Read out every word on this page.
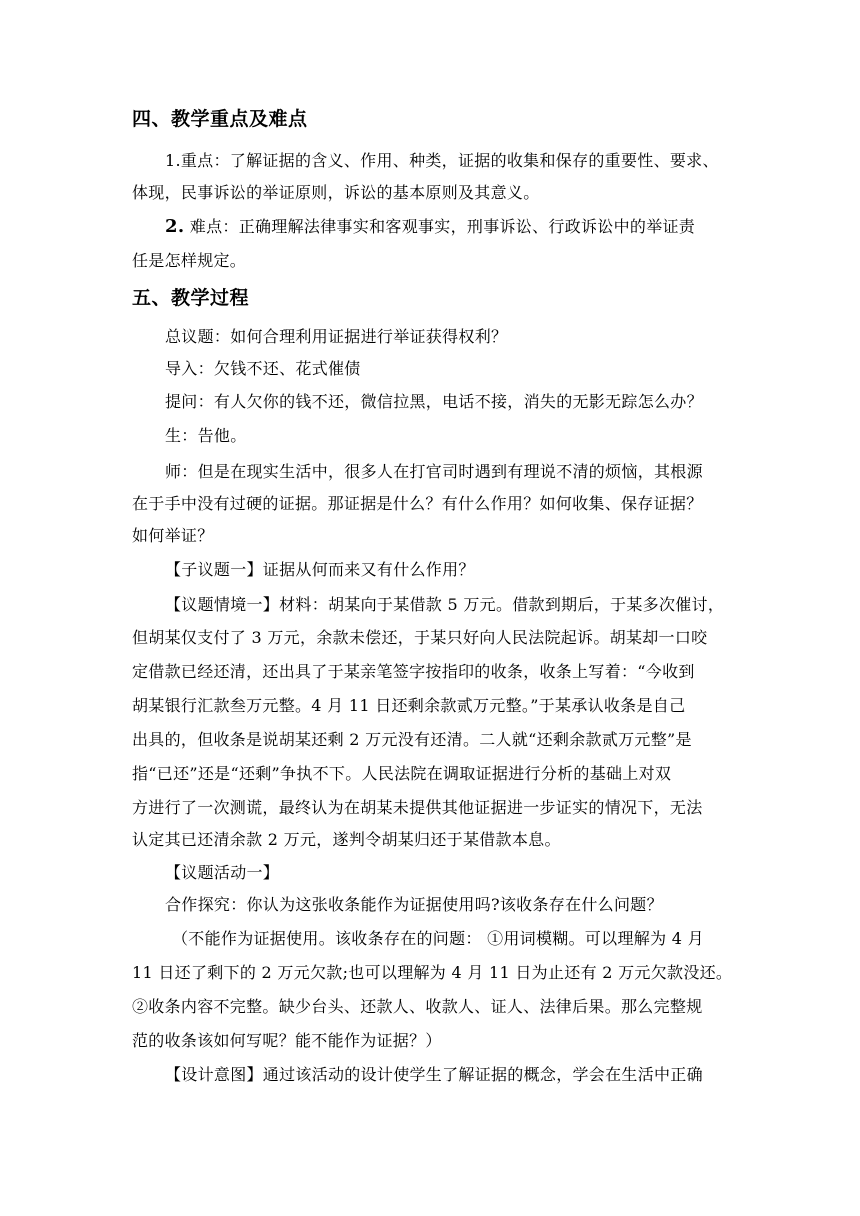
四、教学重点及难点
1.重点：了解证据的含义、作用、种类，证据的收集和保存的重要性、要求、
体现，民事诉讼的举证原则，诉讼的基本原则及其意义。
2. 难点：正确理解法律事实和客观事实，刑事诉讼、行政诉讼中的举证责
任是怎样规定。
五、教学过程
总议题：如何合理利用证据进行举证获得权利？
导入：欠钱不还、花式催债
提问：有人欠你的钱不还，微信拉黑，电话不接，消失的无影无踪怎么办？
生：告他。
师：但是在现实生活中，很多人在打官司时遇到有理说不清的烦恼，其根源
在于手中没有过硬的证据。那证据是什么？有什么作用？如何收集、保存证据？
如何举证？
【子议题一】证据从何而来又有什么作用？
【议题情境一】材料：胡某向于某借款 5 万元。借款到期后，于某多次催讨，
但胡某仅支付了 3 万元，余款未偿还，于某只好向人民法院起诉。胡某却一口咬
定借款已经还清，还出具了于某亲笔签字按指印的收条，收条上写着：“今收到
胡某银行汇款叁万元整。4 月 11 日还剩余款贰万元整。”于某承认收条是自己
出具的，但收条是说胡某还剩 2 万元没有还清。二人就“还剩余款贰万元整”是
指“已还”还是“还剩”争执不下。人民法院在调取证据进行分析的基础上对双
方进行了一次测谎，最终认为在胡某未提供其他证据进一步证实的情况下，无法
认定其已还清余款 2 万元，遂判令胡某归还于某借款本息。
【议题活动一】
合作探究：你认为这张收条能作为证据使用吗?该收条存在什么问题？
（不能作为证据使用。该收条存在的问题： ①用词模糊。可以理解为 4 月
11 日还了剩下的 2 万元欠款;也可以理解为 4 月 11 日为止还有 2 万元欠款没还。
②收条内容不完整。缺少台头、还款人、收款人、证人、法律后果。那么完整规
范的收条该如何写呢？能不能作为证据？）
【设计意图】通过该活动的设计使学生了解证据的概念，学会在生活中正确
